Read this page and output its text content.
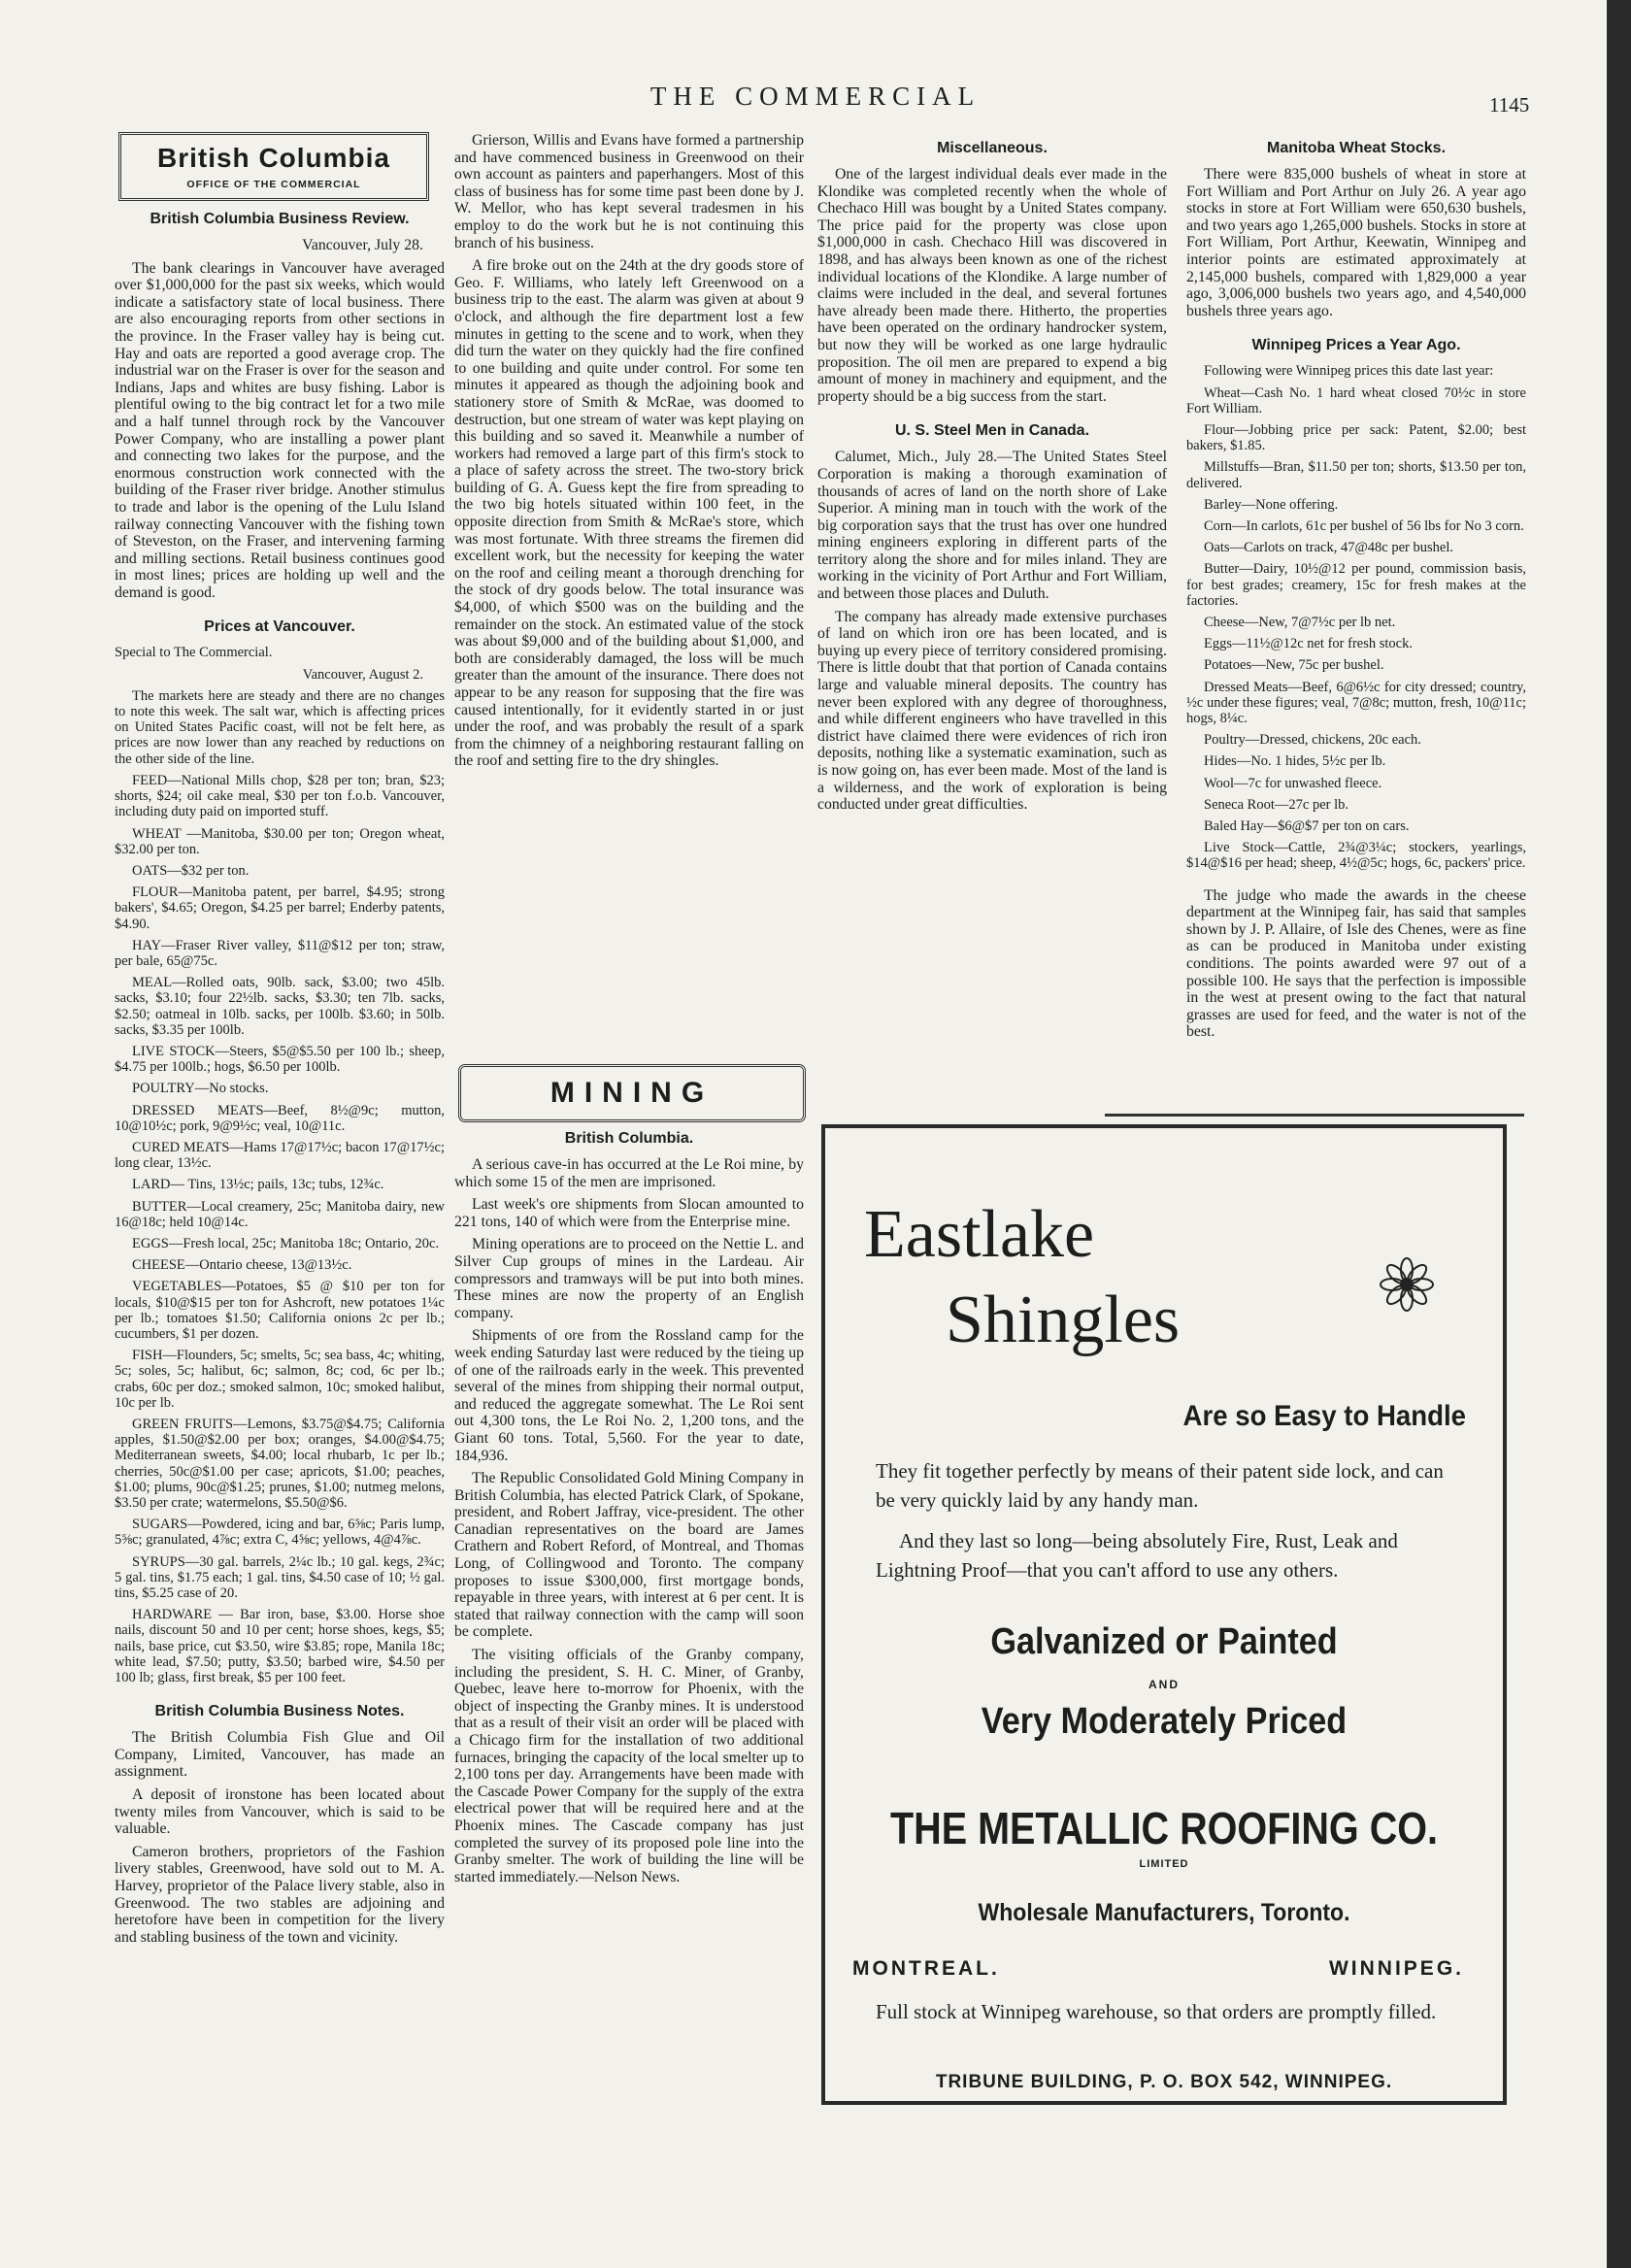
THE COMMERCIAL	1145
British Columbia
OFFICE OF THE COMMERCIAL
British Columbia Business Review.

Vancouver, July 28.

The bank clearings in Vancouver have averaged over $1,000,000 for the past six weeks, which would indicate a satisfactory state of local business. There are also encouraging reports from other sections in the province. In the Fraser valley hay is being cut. Hay and oats are reported a good average crop. The industrial war on the Fraser is over for the season and Indians, Japs and whites are busy fishing. Labor is plentiful owing to the big contract let for a two mile and a half tunnel through rock by the Vancouver Power Company, who are installing a power plant and connecting two lakes for the purpose, and the enormous construction work connected with the building of the Fraser river bridge. Another stimulus to trade and labor is the opening of the Lulu Island railway connecting Vancouver with the fishing town of Steveston, on the Fraser, and intervening farming and milling sections. Retail business continues good in most lines; prices are holding up well and the demand is good.

Prices at Vancouver.

Special to The Commercial.

Vancouver, August 2.

The markets here are steady and there are no changes to note this week. The salt war, which is affecting prices on United States Pacific coast, will not be felt here, as prices are now lower than any reached by reductions on the other side of the line.

FEED—National Mills chop, $28 per ton; bran, $23; shorts, $24; oil cake meal, $30 per ton f.o.b. Vancouver, including duty paid on imported stuff.

WHEAT —Manitoba, $30.00 per ton; Oregon wheat, $32.00 per ton.

OATS—$32 per ton.

FLOUR—Manitoba patent, per barrel, $4.95; strong bakers', $4.65; Oregon, $4.25 per barrel; Enderby patents, $4.90.

HAY—Fraser River valley, $11@$12 per ton; straw, per bale, 65@75c.

MEAL—Rolled oats, 90lb. sack, $3.00; two 45lb. sacks, $3.10; four 22½lb. sacks, $3.30; ten 7lb. sacks, $2.50; oatmeal in 10lb. sacks, per 100lb. $3.60; in 50lb. sacks, $3.35 per 100lb.

LIVE STOCK—Steers, $5@$5.50 per 100 lb.; sheep, $4.75 per 100lb.; hogs, $6.50 per 100lb.

POULTRY—No stocks.

DRESSED MEATS—Beef, 8½@9c; mutton, 10@10½c; pork, 9@9½c; veal, 10@11c.

CURED MEATS—Hams 17@17½c; bacon 17@17½c; long clear, 13½c.

LARD— Tins, 13½c; pails, 13c; tubs, 12¾c.

BUTTER—Local creamery, 25c; Manitoba dairy, new 16@18c; held 10@14c.

EGGS—Fresh local, 25c; Manitoba 18c; Ontario, 20c.

CHEESE—Ontario cheese, 13@13½c.

VEGETABLES—Potatoes, $5 @ $10 per ton for locals, $10@$15 per ton for Ashcroft, new potatoes 1¼c per lb.; tomatoes $1.50; California onions 2c per lb.; cucumbers, $1 per dozen.

FISH—Flounders, 5c; smelts, 5c; sea bass, 4c; whiting, 5c; soles, 5c; halibut, 6c; salmon, 8c; cod, 6c per lb.; crabs, 60c per doz.; smoked salmon, 10c; smoked halibut, 10c per lb.

GREEN FRUITS—Lemons, $3.75@$4.75; California apples, $1.50@$2.00 per box; oranges, $4.00@$4.75; Mediterranean sweets, $4.00; local rhubarb, 1c per lb.; cherries, 50c@$1.00 per case; apricots, $1.00; peaches, $1.00; plums, 90c@$1.25; prunes, $1.00; nutmeg melons, $3.50 per crate; watermelons, $5.50@$6.

SUGARS—Powdered, icing and bar, 6⅝c; Paris lump, 5⅝c; granulated, 4⅞c; extra C, 4⅝c; yellows, 4@4⅞c.

SYRUPS—30 gal. barrels, 2¼c lb.; 10 gal. kegs, 2¾c; 5 gal. tins, $1.75 each; 1 gal. tins, $4.50 case of 10; ½ gal. tins, $5.25 case of 20.

HARDWARE — Bar iron, base, $3.00. Horse shoe nails, discount 50 and 10 per cent; horse shoes, kegs, $5; nails, base price, cut $3.50, wire $3.85; rope, Manila 18c; white lead, $7.50; putty, $3.50; barbed wire, $4.50 per 100 lb; glass, first break, $5 per 100 feet.

British Columbia Business Notes.

The British Columbia Fish Glue and Oil Company, Limited, Vancouver, has made an assignment.

A deposit of ironstone has been located about twenty miles from Vancouver, which is said to be valuable.

Cameron brothers, proprietors of the Fashion livery stables, Greenwood, have sold out to M. A. Harvey, proprietor of the Palace livery stable, also in Greenwood. The two stables are adjoining and heretofore have been in competition for the livery and stabling business of the town and vicinity.

Grierson, Willis and Evans have formed a partnership and have commenced business in Greenwood on their own account as painters and paperhangers. Most of this class of business has for some time past been done by J. W. Mellor, who has kept several tradesmen in his employ to do the work but he is not continuing this branch of his business.

A fire broke out on the 24th at the dry goods store of Geo. F. Williams, who lately left Greenwood on a business trip to the east. The alarm was given at about 9 o'clock, and although the fire department lost a few minutes in getting to the scene and to work, when they did turn the water on they quickly had the fire confined to one building and quite under control. For some ten minutes it appeared as though the adjoining book and stationery store of Smith & McRae, was doomed to destruction, but one stream of water was kept playing on this building and so saved it. Meanwhile a number of workers had removed a large part of this firm's stock to a place of safety across the street. The two-story brick building of G. A. Guess kept the fire from spreading to the two big hotels situated within 100 feet, in the opposite direction from Smith & McRae's store, which was most fortunate. With three streams the firemen did excellent work, but the necessity for keeping the water on the roof and ceiling meant a thorough drenching for the stock of dry goods below. The total insurance was $4,000, of which $500 was on the building and the remainder on the stock. An estimated value of the stock was about $9,000 and of the building about $1,000, and both are considerably damaged, the loss will be much greater than the amount of the insurance. There does not appear to be any reason for supposing that the fire was caused intentionally, for it evidently started in or just under the roof, and was probably the result of a spark from the chimney of a neighboring restaurant falling on the roof and setting fire to the dry shingles.

MINING
British Columbia.

A serious cave-in has occurred at the Le Roi mine, by which some 15 of the men are imprisoned.

Last week's ore shipments from Slocan amounted to 221 tons, 140 of which were from the Enterprise mine.

Mining operations are to proceed on the Nettie L. and Silver Cup groups of mines in the Lardeau. Air compressors and tramways will be put into both mines. These mines are now the property of an English company.

Shipments of ore from the Rossland camp for the week ending Saturday last were reduced by the tieing up of one of the railroads early in the week. This prevented several of the mines from shipping their normal output, and reduced the aggregate somewhat. The Le Roi sent out 4,300 tons, the Le Roi No. 2, 1,200 tons, and the Giant 60 tons. Total, 5,560. For the year to date, 184,936.

The Republic Consolidated Gold Mining Company in British Columbia, has elected Patrick Clark, of Spokane, president, and Robert Jaffray, vice-president. The other Canadian representatives on the board are James Crathern and Robert Reford, of Montreal, and Thomas Long, of Collingwood and Toronto. The company proposes to issue $300,000, first mortgage bonds, repayable in three years, with interest at 6 per cent. It is stated that railway connection with the camp will soon be complete.

The visiting officials of the Granby company, including the president, S. H. C. Miner, of Granby, Quebec, leave here to-morrow for Phoenix, with the object of inspecting the Granby mines. It is understood that as a result of their visit an order will be placed with a Chicago firm for the installation of two additional furnaces, bringing the capacity of the local smelter up to 2,100 tons per day. Arrangements have been made with the Cascade Power Company for the supply of the extra electrical power that will be required here and at the Phoenix mines. The Cascade company has just completed the survey of its proposed pole line into the Granby smelter. The work of building the line will be started immediately.—Nelson News.

Miscellaneous.

One of the largest individual deals ever made in the Klondike was completed recently when the whole of Chechaco Hill was bought by a United States company. The price paid for the property was close upon $1,000,000 in cash. Chechaco Hill was discovered in 1898, and has always been known as one of the richest individual locations of the Klondike. A large number of claims were included in the deal, and several fortunes have already been made there. Hitherto, the properties have been operated on the ordinary handrocker system, but now they will be worked as one large hydraulic proposition. The oil men are prepared to expend a big amount of money in machinery and equipment, and the property should be a big success from the start.

U. S. Steel Men in Canada.

Calumet, Mich., July 28.—The United States Steel Corporation is making a thorough examination of thousands of acres of land on the north shore of Lake Superior. A mining man in touch with the work of the big corporation says that the trust has over one hundred mining engineers exploring in different parts of the territory along the shore and for miles inland. They are working in the vicinity of Port Arthur and Fort William, and between those places and Duluth.

The company has already made extensive purchases of land on which iron ore has been located, and is buying up every piece of territory considered promising. There is little doubt that that portion of Canada contains large and valuable mineral deposits. The country has never been explored with any degree of thoroughness, and while different engineers who have travelled in this district have claimed there were evidences of rich iron deposits, nothing like a systematic examination, such as is now going on, has ever been made. Most of the land is a wilderness, and the work of exploration is being conducted under great difficulties.

Manitoba Wheat Stocks.

There were 835,000 bushels of wheat in store at Fort William and Port Arthur on July 26. A year ago stocks in store at Fort William were 650,630 bushels, and two years ago 1,265,000 bushels. Stocks in store at Fort William, Port Arthur, Keewatin, Winnipeg and interior points are estimated approximately at 2,145,000 bushels, compared with 1,829,000 a year ago, 3,006,000 bushels two years ago, and 4,540,000 bushels three years ago.

Winnipeg Prices a Year Ago.

Following were Winnipeg prices this date last year:

Wheat—Cash No. 1 hard wheat closed 70½c in store Fort William.

Flour—Jobbing price per sack: Patent, $2.00; best bakers, $1.85.

Millstuffs—Bran, $11.50 per ton; shorts, $13.50 per ton, delivered.

Barley—None offering.

Corn—In carlots, 61c per bushel of 56 lbs for No 3 corn.

Oats—Carlots on track, 47@48c per bushel.

Butter—Dairy, 10½@12 per pound, commission basis, for best grades; creamery, 15c for fresh makes at the factories.

Cheese—New, 7@7½c per lb net.

Eggs—11½@12c net for fresh stock.

Potatoes—New, 75c per bushel.

Dressed Meats—Beef, 6@6½c for city dressed; country, ½c under these figures; veal, 7@8c; mutton, fresh, 10@11c; hogs, 8¼c.

Poultry—Dressed, chickens, 20c each.

Hides—No. 1 hides, 5½c per lb.

Wool—7c for unwashed fleece.

Seneca Root—27c per lb.

Baled Hay—$6@$7 per ton on cars.

Live Stock—Cattle, 2¾@3¼c; stockers, yearlings, $14@$16 per head; sheep, 4½@5c; hogs, 6c, packers' price.

The judge who made the awards in the cheese department at the Winnipeg fair, has said that samples shown by J. P. Allaire, of Isle des Chenes, were as fine as can be produced in Manitoba under existing conditions. The points awarded were 97 out of a possible 100. He says that the perfection is impossible in the west at present owing to the fact that natural grasses are used for feed, and the water is not of the best.

Eastlake
Shingles
Are so Easy to Handle
They fit together perfectly by means of their patent side lock, and can be very quickly laid by any handy man.
And they last so long—being absolutely Fire, Rust, Leak and Lightning Proof—that you can't afford to use any others.
Galvanized or Painted
AND
Very Moderately Priced
THE METALLIC ROOFING CO.
LIMITED
Wholesale Manufacturers, Toronto.
MONTREAL.	WINNIPEG.
Full stock at Winnipeg warehouse, so that orders are promptly filled.
TRIBUNE BUILDING, P. O. BOX 542, WINNIPEG.
